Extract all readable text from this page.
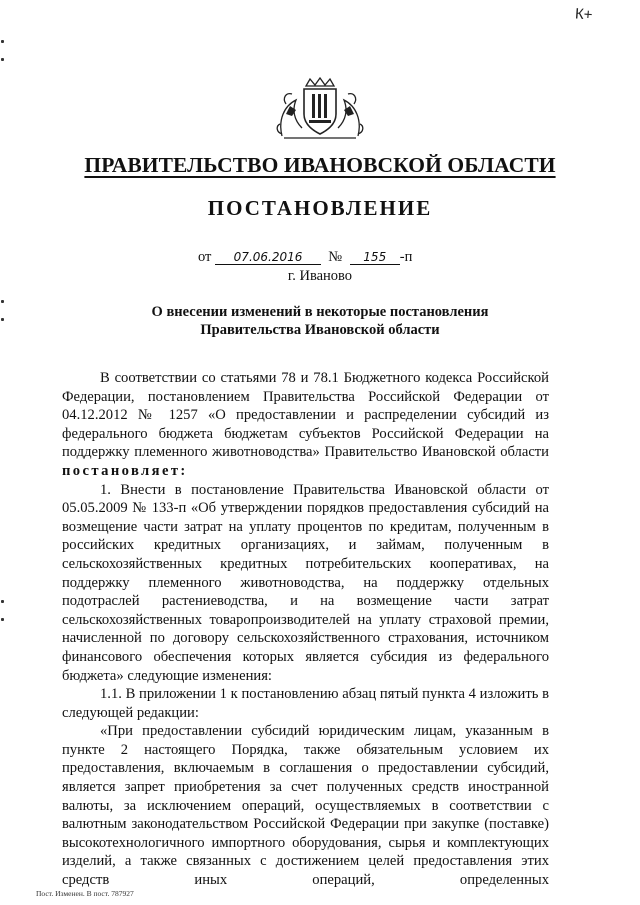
К+
ПРАВИТЕЛЬСТВО ИВАНОВСКОЙ ОБЛАСТИ
ПОСТАНОВЛЕНИЕ
от 07.06.2016 № 155 -п
г. Иваново
О внесении изменений в некоторые постановления
Правительства Ивановской области

В соответствии со статьями 78 и 78.1 Бюджетного кодекса Российской Федерации, постановлением Правительства Российской Федерации от 04.12.2012 № 1257 «О предоставлении и распределении субсидий из федерального бюджета бюджетам субъектов Российской Федерации на поддержку племенного животноводства» Правительство Ивановской области постановляет:

1. Внести в постановление Правительства Ивановской области от 05.05.2009 № 133-п «Об утверждении порядков предоставления субсидий на возмещение части затрат на уплату процентов по кредитам, полученным в российских кредитных организациях, и займам, полученным в сельскохозяйственных кредитных потребительских кооперативах, на поддержку племенного животноводства, на поддержку отдельных подотраслей растениеводства, и на возмещение части затрат сельскохозяйственных товаропроизводителей на уплату страховой премии, начисленной по договору сельскохозяйственного страхования, источником финансового обеспечения которых является субсидия из федерального бюджета» следующие изменения:

1.1. В приложении 1 к постановлению абзац пятый пункта 4 изложить в следующей редакции:

«При предоставлении субсидий юридическим лицам, указанным в пункте 2 настоящего Порядка, также обязательным условием их предоставления, включаемым в соглашения о предоставлении субсидий, является запрет приобретения за счет полученных средств иностранной валюты, за исключением операций, осуществляемых в соответствии с валютным законодательством Российской Федерации при закупке (поставке) высокотехнологичного импортного оборудования, сырья и комплектующих изделий, а также связанных с достижением целей предоставления этих средств иных операций, определенных

Пост. Изменен. В пост. 787927
